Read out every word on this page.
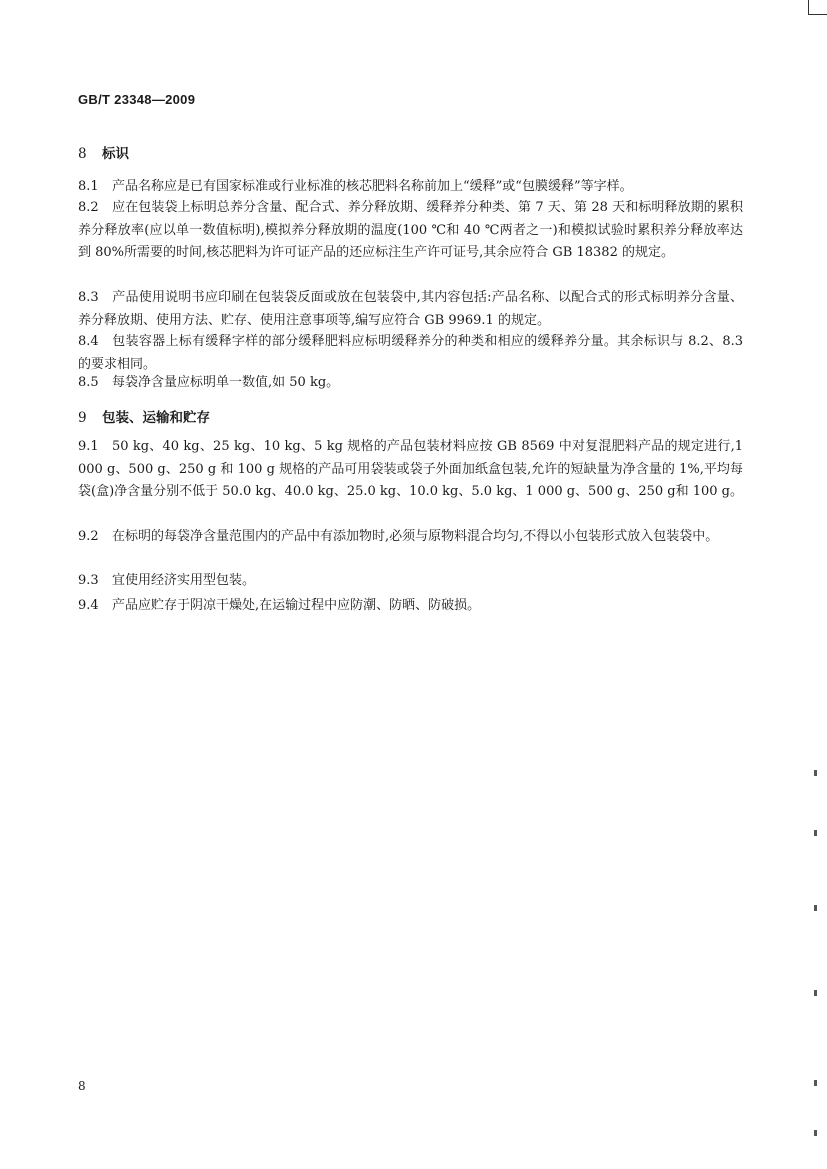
GB/T 23348—2009
8 标识
8.1 产品名称应是已有国家标准或行业标准的核芯肥料名称前加上“缓释”或“包膜缓释”等字样。
8.2 应在包装袋上标明总养分含量、配合式、养分释放期、缓释养分种类、第 7 天、第 28 天和标明释放期的累积养分释放率(应以单一数值标明),模拟养分释放期的温度(100 ℃和 40 ℃两者之一)和模拟试验时累积养分释放率达到 80%所需要的时间,核芯肥料为许可证产品的还应标注生产许可证号,其余应符合 GB 18382 的规定。
8.3 产品使用说明书应印刷在包装袋反面或放在包装袋中,其内容包括:产品名称、以配合式的形式标明养分含量、养分释放期、使用方法、贮存、使用注意事项等,编写应符合 GB 9969.1 的规定。
8.4 包装容器上标有缓释字样的部分缓释肥料应标明缓释养分的种类和相应的缓释养分量。其余标识与 8.2、8.3 的要求相同。
8.5 每袋净含量应标明单一数值,如 50 kg。
9 包装、运输和贮存
9.1 50 kg、40 kg、25 kg、10 kg、5 kg 规格的产品包装材料应按 GB 8569 中对复混肥料产品的规定进行,1 000 g、500 g、250 g 和 100 g 规格的产品可用袋装或袋子外面加纸盒包装,允许的短缺量为净含量的 1%,平均每袋(盒)净含量分别不低于 50.0 kg、40.0 kg、25.0 kg、10.0 kg、5.0 kg、1 000 g、500 g、250 g和 100 g。
9.2 在标明的每袋净含量范围内的产品中有添加物时,必须与原物料混合均匀,不得以小包装形式放入包装袋中。
9.3 宜使用经济实用型包装。
9.4 产品应贮存于阴凉干燥处,在运输过程中应防潮、防晒、防破损。
8
